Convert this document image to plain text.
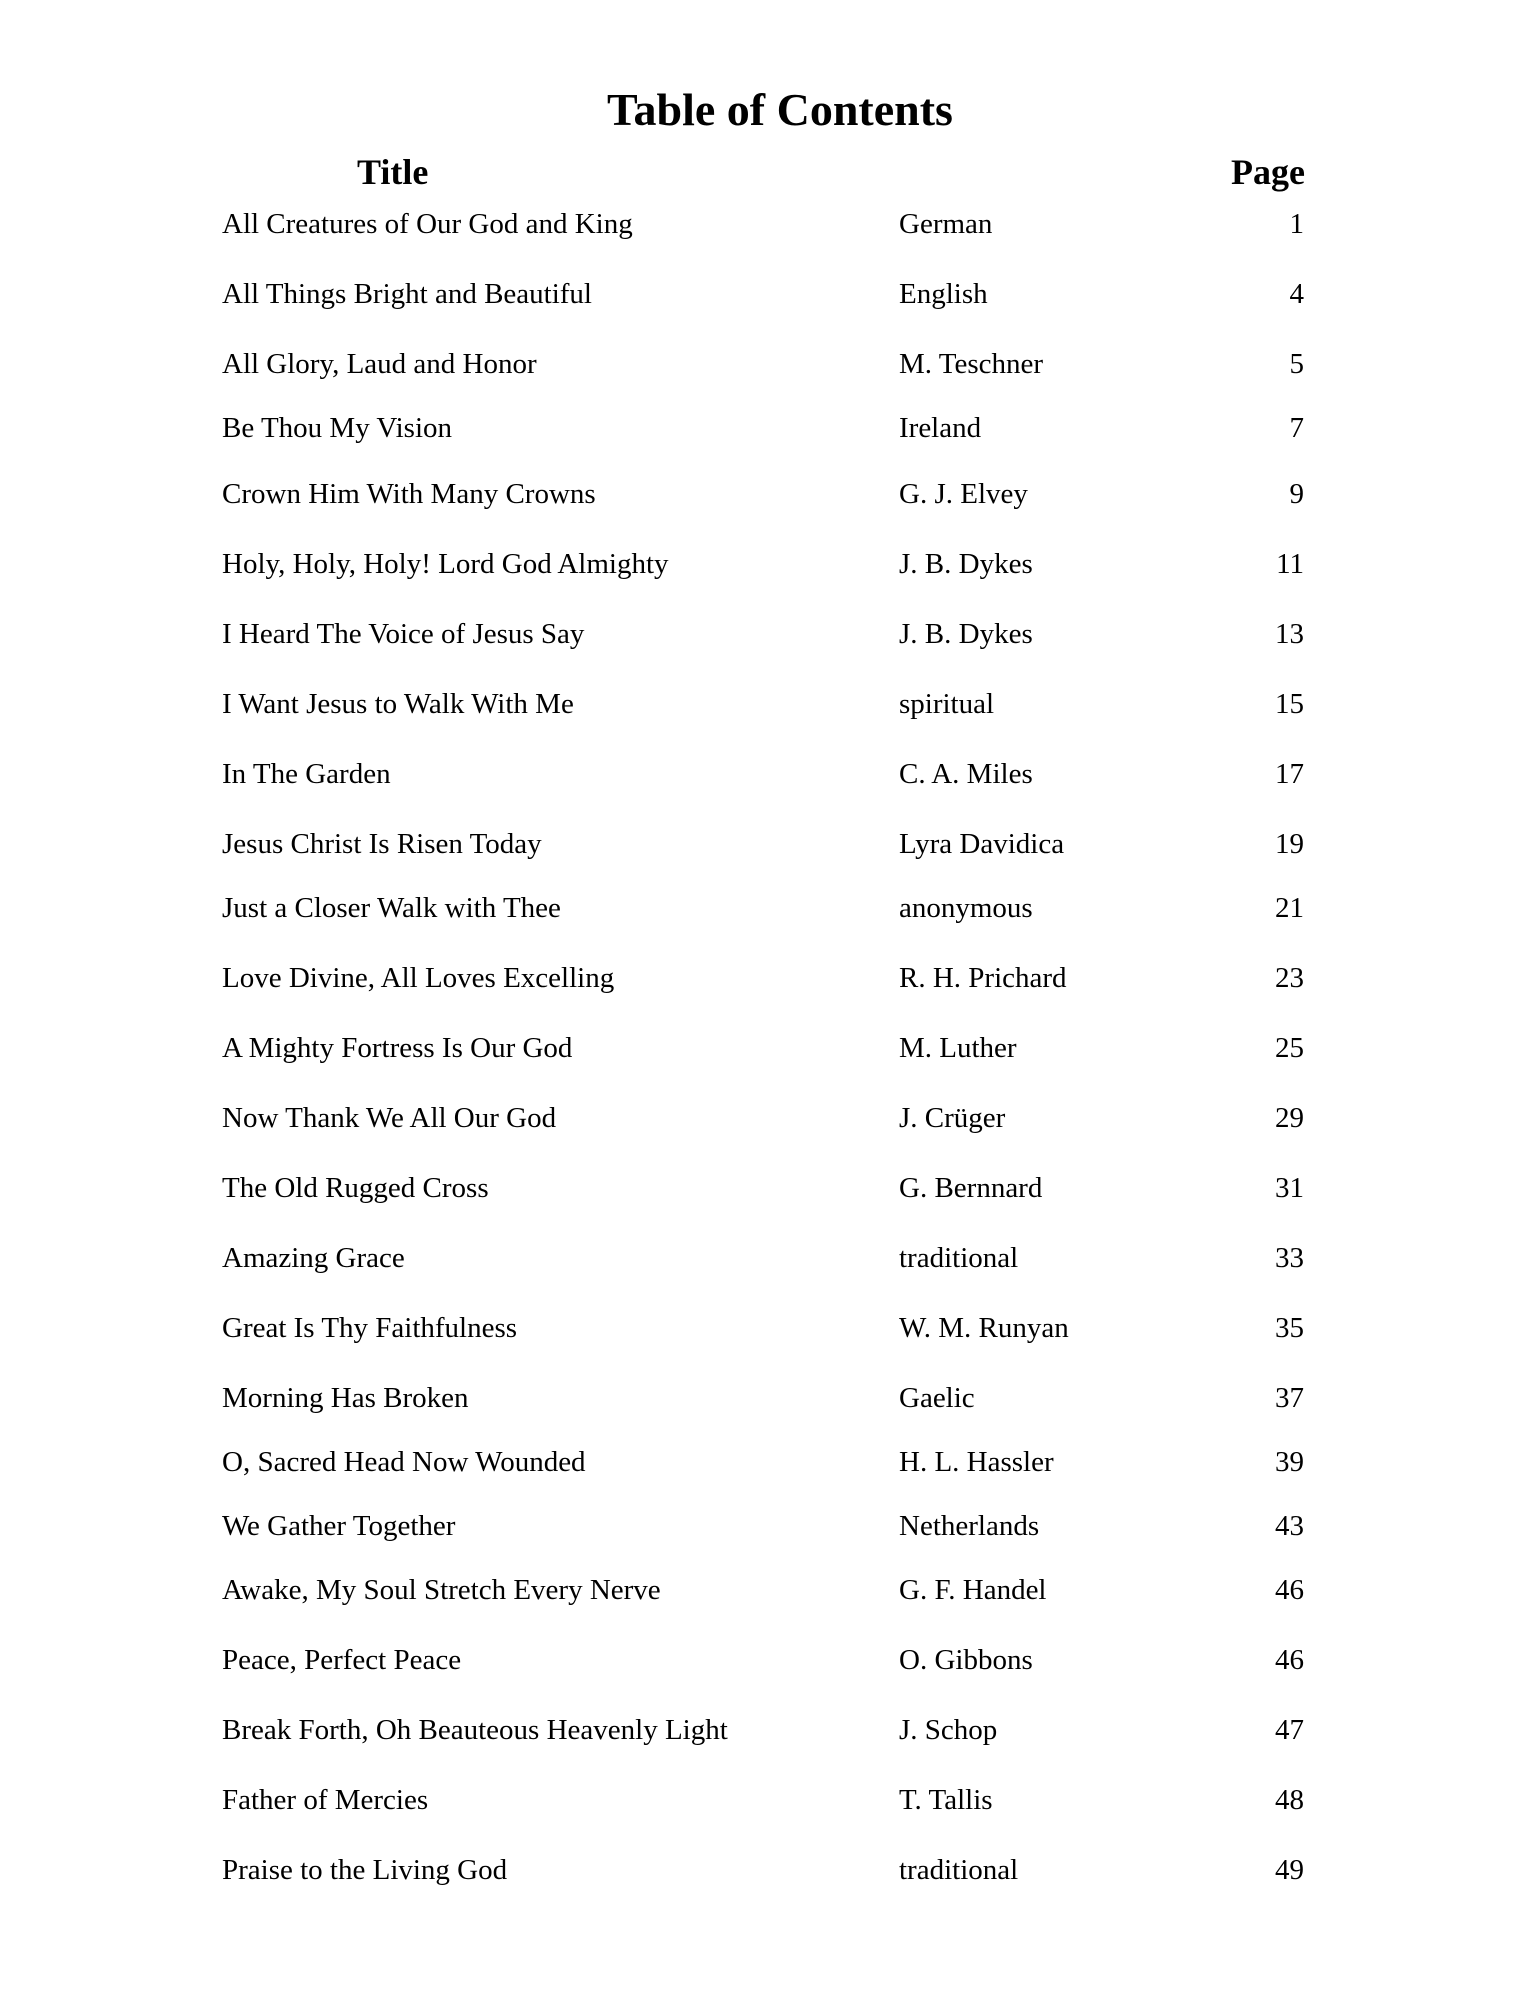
Table of Contents
Title	Page
All Creatures of Our God and King	German	1
All Things Bright and Beautiful	English	4
All Glory, Laud and Honor	M. Teschner	5
Be Thou My Vision	Ireland	7
Crown Him With Many Crowns	G. J. Elvey	9
Holy, Holy, Holy! Lord God Almighty	J. B. Dykes	11
I Heard The Voice of Jesus Say	J. B. Dykes	13
I Want Jesus to Walk With Me	spiritual	15
In The Garden	C. A. Miles	17
Jesus Christ Is Risen Today	Lyra Davidica	19
Just a Closer Walk with Thee	anonymous	21
Love Divine, All Loves Excelling	R. H. Prichard	23
A Mighty Fortress Is Our God	M. Luther	25
Now Thank We All Our God	J. Crüger	29
The Old Rugged Cross	G. Bernnard	31
Amazing Grace	traditional	33
Great Is Thy Faithfulness	W. M. Runyan	35
Morning Has Broken	Gaelic	37
O, Sacred Head Now Wounded	H. L. Hassler	39
We Gather Together	Netherlands	43
Awake, My Soul Stretch Every Nerve	G. F. Handel	46
Peace, Perfect Peace	O. Gibbons	46
Break Forth, Oh Beauteous Heavenly Light	J. Schop	47
Father of Mercies	T. Tallis	48
Praise to the Living God	traditional	49
